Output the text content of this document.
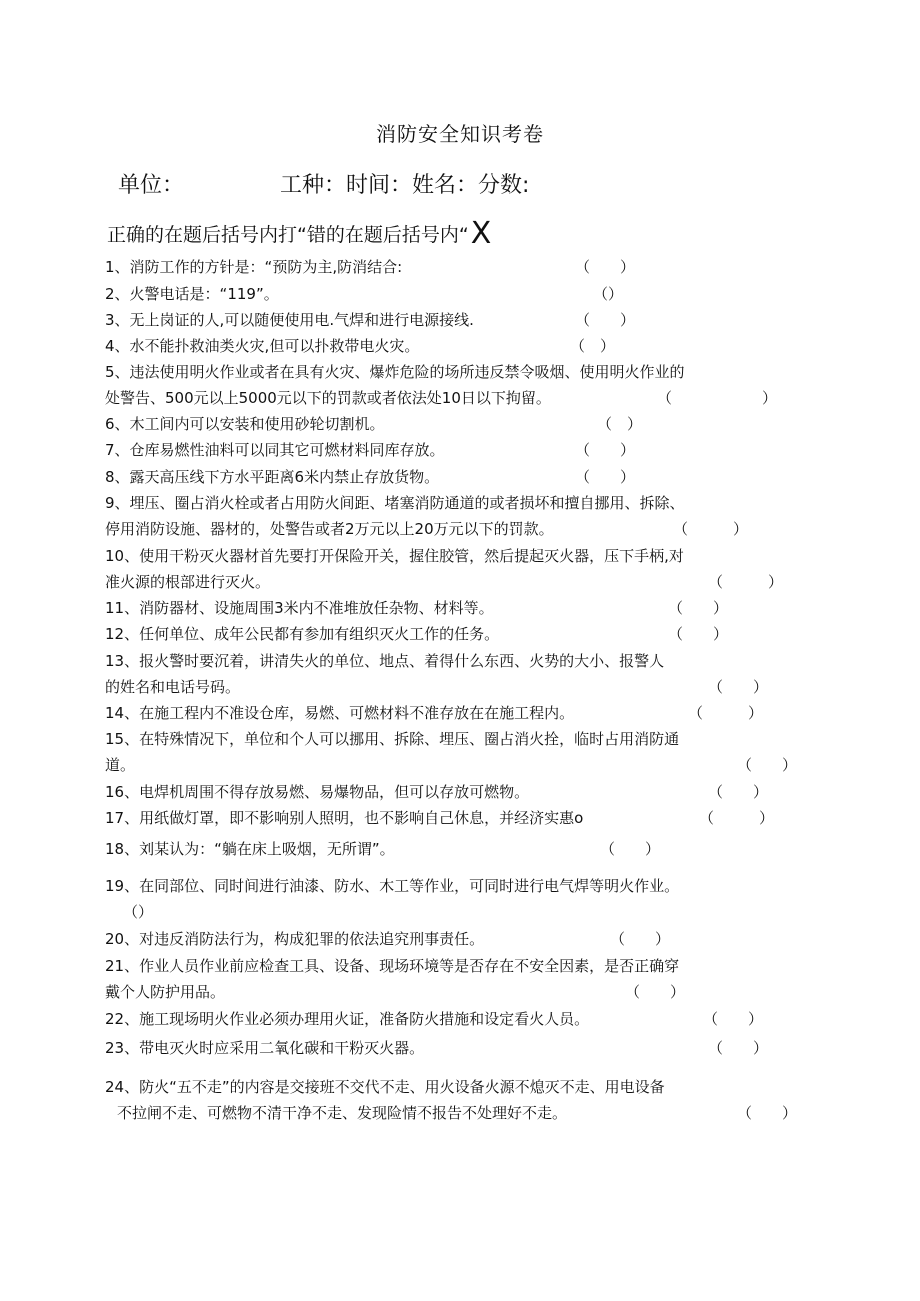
消防安全知识考卷
单位：	工种：时间：姓名：分数:
正确的在题后括号内打“错的在题后括号内“X
1、消防工作的方针是：“预防为主,防消结合:	（　　）
2、火警电话是：“119”。	（）
3、无上岗证的人,可以随便使用电.气焊和进行电源接线.	（　　）
4、水不能扑救油类火灾,但可以扑救带电火灾。	（　）
5、违法使用明火作业或者在具有火灾、爆炸危险的场所违反禁令吸烟、使用明火作业的
处警告、500元以上5000元以下的罚款或者依法处10日以下拘留。	（　　　　　　）
6、木工间内可以安装和使用砂轮切割机。	（　）
7、仓库易燃性油料可以同其它可燃材料同库存放。	（　　）
8、露天高压线下方水平距离6米内禁止存放货物。	（　　）
9、埋压、圈占消火栓或者占用防火间距、堵塞消防通道的或者损坏和擅自挪用、拆除、
停用消防设施、器材的，处警告或者2万元以上20万元以下的罚款。	（　　　）
10、使用干粉灭火器材首先要打开保险开关，握住胶管，然后提起灭火器，压下手柄,对
准火源的根部进行灭火。	（　　　）
11、消防器材、设施周围3米内不准堆放任杂物、材料等。	（　　）
12、任何单位、成年公民都有参加有组织灭火工作的任务。	（　　）
13、报火警时要沉着，讲清失火的单位、地点、着得什么东西、火势的大小、报警人
的姓名和电话号码。	（　　）
14、在施工程内不准设仓库，易燃、可燃材料不准存放在在施工程内。	（　　　）
15、在特殊情况下，单位和个人可以挪用、拆除、埋压、圈占消火拴，临时占用消防通
道。	（　　）
16、电焊机周围不得存放易燃、易爆物品，但可以存放可燃物。	（　　）
17、用纸做灯罩，即不影响别人照明，也不影响自己休息，并经济实惠o	（　　　）
18、刘某认为：“躺在床上吸烟，无所谓”。	（　　）
19、在同部位、同时间进行油漆、防水、木工等作业，可同时进行电气焊等明火作业。
（）
20、对违反消防法行为，构成犯罪的依法追究刑事责任。	（　　）
21、作业人员作业前应检查工具、设备、现场环境等是否存在不安全因素，是否正确穿
戴个人防护用品。	（　　）
22、施工现场明火作业必须办理用火证，准备防火措施和设定看火人员。	（　　）
23、带电灭火时应采用二氧化碳和干粉灭火器。	（　　）
24、防火“五不走”的内容是交接班不交代不走、用火设备火源不熄灭不走、用电设备
不拉闸不走、可燃物不清干净不走、发现险情不报告不处理好不走。	（　　）
